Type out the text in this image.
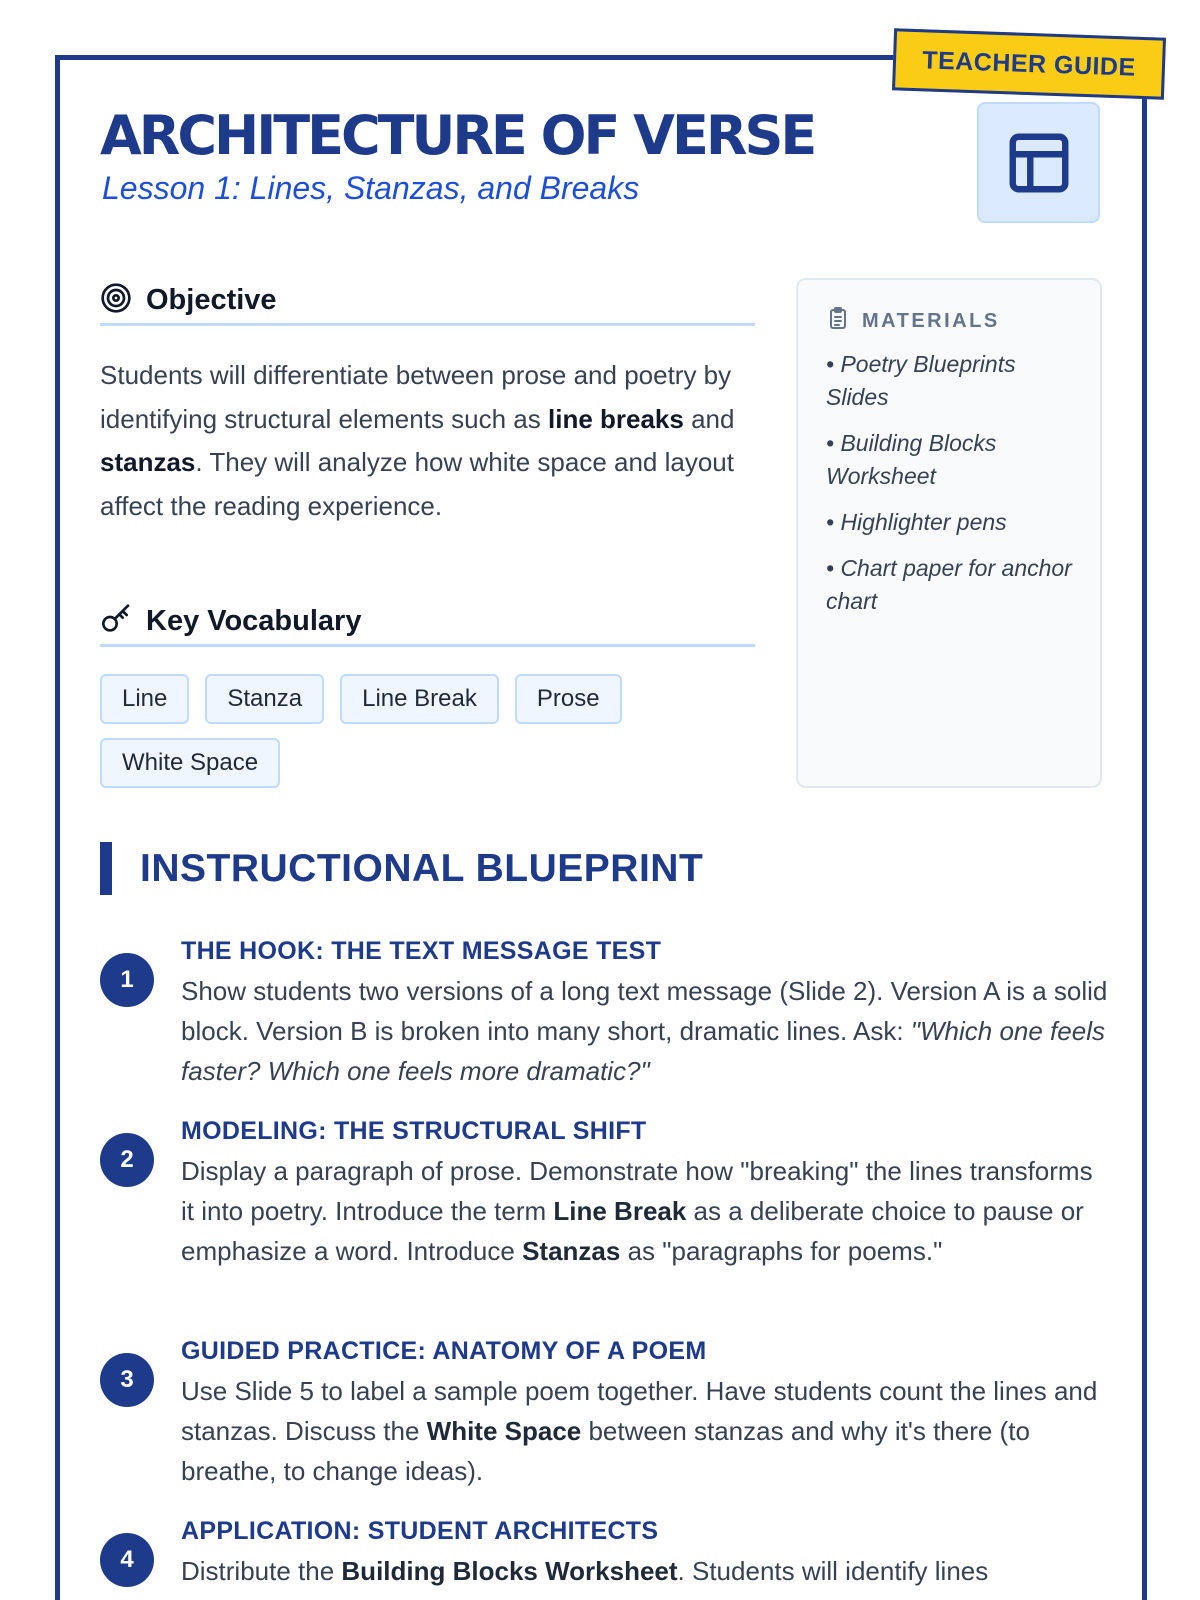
TEACHER GUIDE
ARCHITECTURE OF VERSE
Lesson 1: Lines, Stanzas, and Breaks
Objective

Students will differentiate between prose and poetry by identifying structural elements such as line breaks and stanzas. They will analyze how white space and layout affect the reading experience.

Key Vocabulary
Line	Stanza	Line Break	Prose
White Space
MATERIALS
• Poetry Blueprints Slides
• Building Blocks Worksheet
• Highlighter pens
• Chart paper for anchor chart
INSTRUCTIONAL BLUEPRINT
1
THE HOOK: THE TEXT MESSAGE TEST

Show students two versions of a long text message (Slide 2). Version A is a solid block. Version B is broken into many short, dramatic lines. Ask: "Which one feels faster? Which one feels more dramatic?"

2
MODELING: THE STRUCTURAL SHIFT

Display a paragraph of prose. Demonstrate how "breaking" the lines transforms it into poetry. Introduce the term Line Break as a deliberate choice to pause or emphasize a word. Introduce Stanzas as "paragraphs for poems."

3
GUIDED PRACTICE: ANATOMY OF A POEM

Use Slide 5 to label a sample poem together. Have students count the lines and stanzas. Discuss the White Space between stanzas and why it's there (to breathe, to change ideas).

4
APPLICATION: STUDENT ARCHITECTS

Distribute the Building Blocks Worksheet. Students will identify lines
